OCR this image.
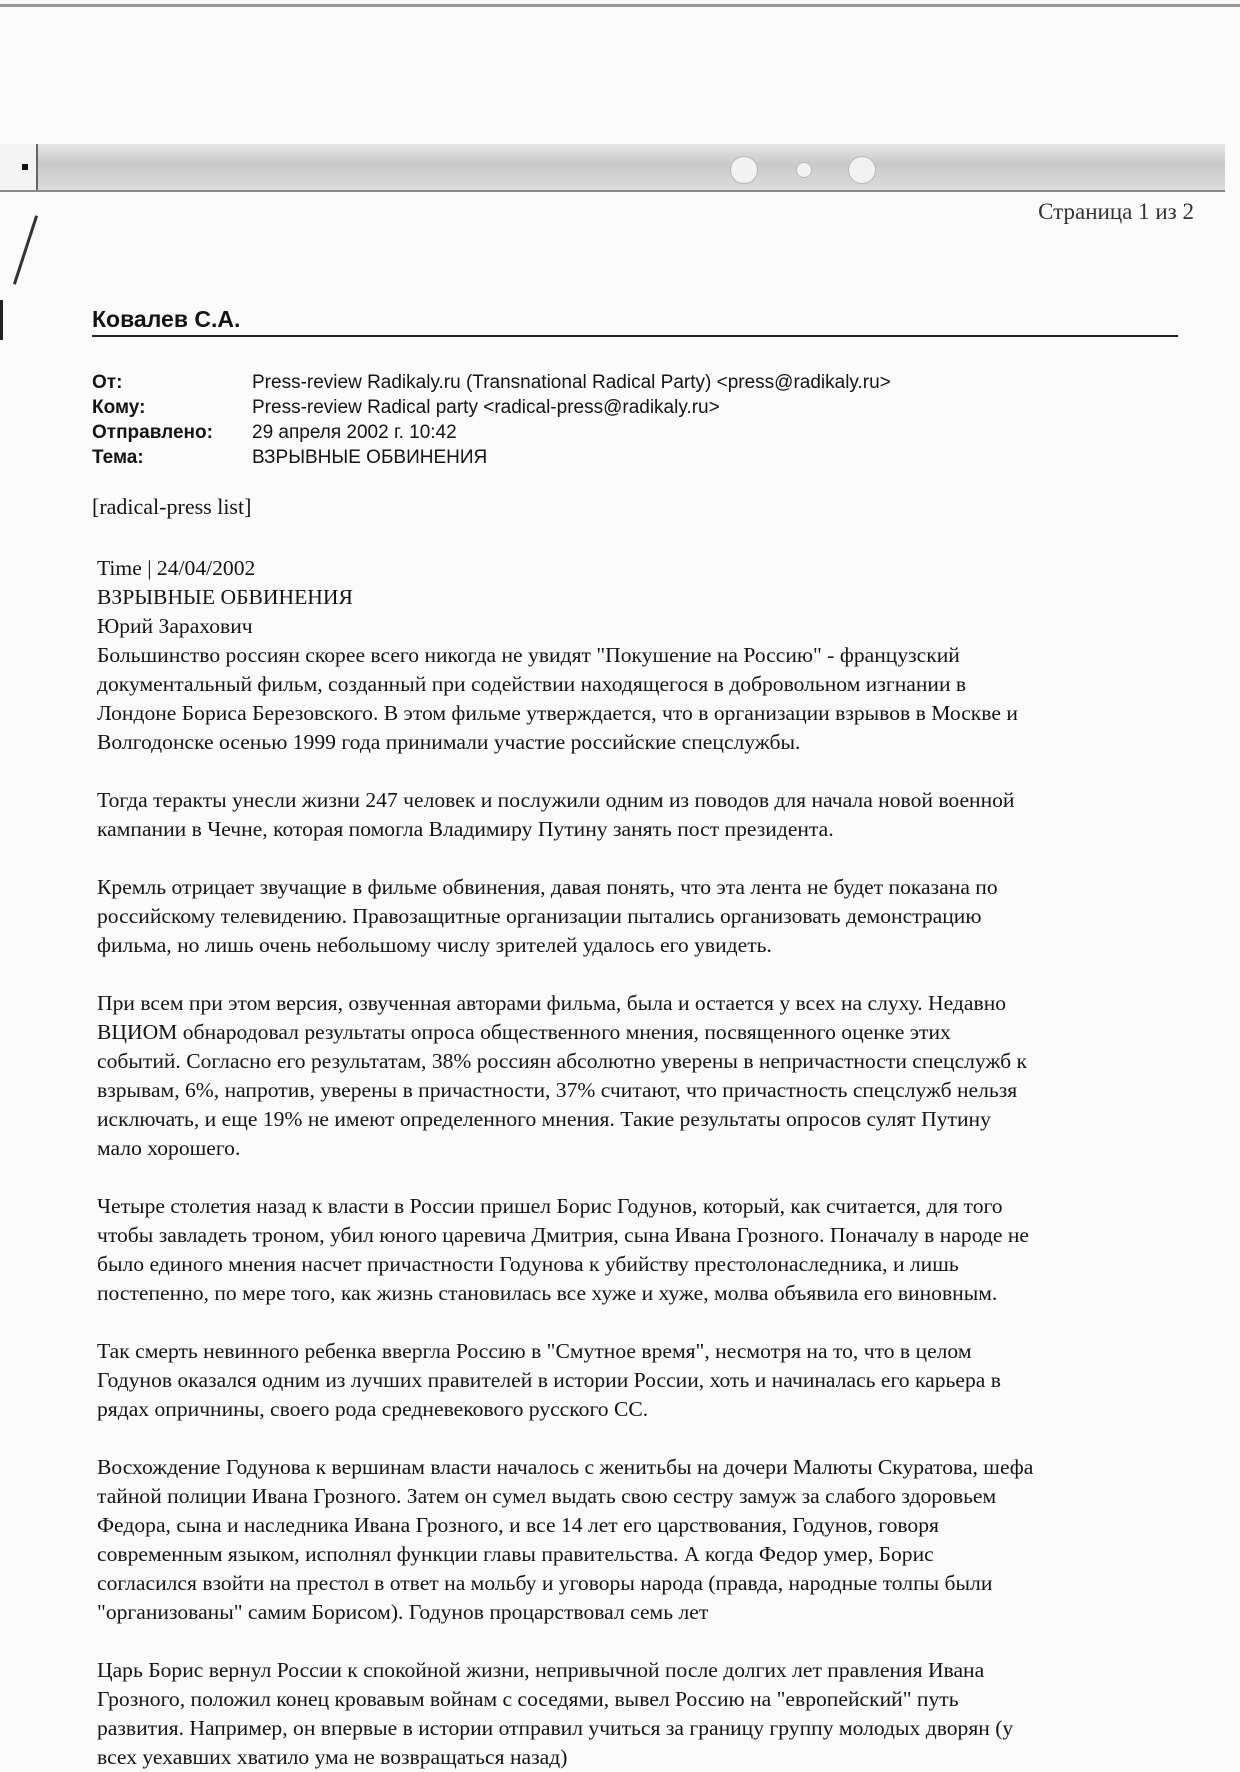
Страница 1 из 2
Ковалев С.А.
От:	Press-review Radikaly.ru (Transnational Radical Party) <press@radikaly.ru>
Кому:	Press-review Radical party <radical-press@radikaly.ru>
Отправлено:	29 апреля 2002 г. 10:42
Тема:	ВЗРЫВНЫЕ ОБВИНЕНИЯ
[radical-press list]
Time | 24/04/2002
ВЗРЫВНЫЕ ОБВИНЕНИЯ
Юрий Зарахович
Большинство россиян скорее всего никогда не увидят "Покушение на Россию" - французский
документальный фильм, созданный при содействии находящегося в добровольном изгнании в
Лондоне Бориса Березовского. В этом фильме утверждается, что в организации взрывов в Москве и
Волгодонске осенью 1999 года принимали участие российские спецслужбы.
Тогда теракты унесли жизни 247 человек и послужили одним из поводов для начала новой военной
кампании в Чечне, которая помогла Владимиру Путину занять пост президента.
Кремль отрицает звучащие в фильме обвинения, давая понять, что эта лента не будет показана по
российскому телевидению. Правозащитные организации пытались организовать демонстрацию
фильма, но лишь очень небольшому числу зрителей удалось его увидеть.
При всем при этом версия, озвученная авторами фильма, была и остается у всех на слуху. Недавно
ВЦИОМ обнародовал результаты опроса общественного мнения, посвященного оценке этих
событий. Согласно его результатам, 38% россиян абсолютно уверены в непричастности спецслужб к
взрывам, 6%, напротив, уверены в причастности, 37% считают, что причастность спецслужб нельзя
исключать, и еще 19% не имеют определенного мнения. Такие результаты опросов сулят Путину
мало хорошего.
Четыре столетия назад к власти в России пришел Борис Годунов, который, как считается, для того
чтобы завладеть троном, убил юного царевича Дмитрия, сына Ивана Грозного. Поначалу в народе не
было единого мнения насчет причастности Годунова к убийству престолонаследника, и лишь
постепенно, по мере того, как жизнь становилась все хуже и хуже, молва объявила его виновным.
Так смерть невинного ребенка ввергла Россию в "Смутное время", несмотря на то, что в целом
Годунов оказался одним из лучших правителей в истории России, хоть и начиналась его карьера в
рядах опричнины, своего рода средневекового русского СС.
Восхождение Годунова к вершинам власти началось с женитьбы на дочери Малюты Скуратова, шефа
тайной полиции Ивана Грозного. Затем он сумел выдать свою сестру замуж за слабого здоровьем
Федора, сына и наследника Ивана Грозного, и все 14 лет его царствования, Годунов, говоря
современным языком, исполнял функции главы правительства. А когда Федор умер, Борис
согласился взойти на престол в ответ на мольбу и уговоры народа (правда, народные толпы были
"организованы" самим Борисом). Годунов процарствовал семь лет
Царь Борис вернул России к спокойной жизни, непривычной после долгих лет правления Ивана
Грозного, положил конец кровавым войнам с соседями, вывел Россию на "европейский" путь
развития. Например, он впервые в истории отправил учиться за границу группу молодых дворян (у
всех уехавших хватило ума не возвращаться назад)
